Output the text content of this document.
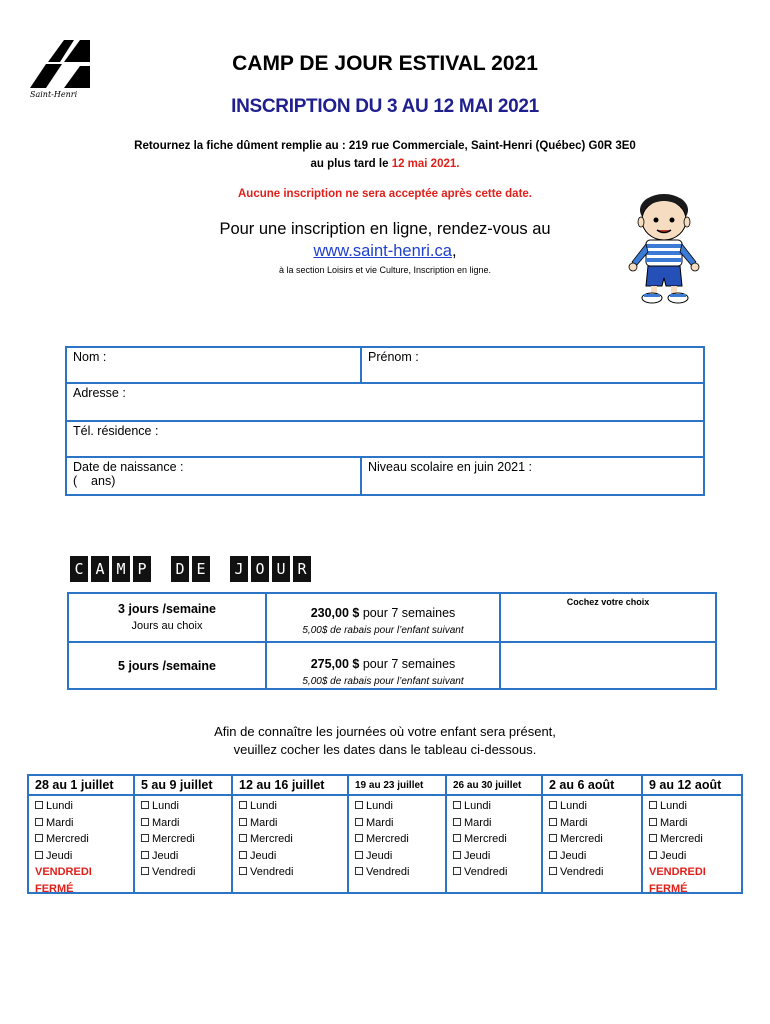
Saint-Henri
CAMP DE JOUR ESTIVAL 2021
INSCRIPTION DU 3 AU 12 MAI 2021
Retournez la fiche dûment remplie au : 219 rue Commerciale, Saint-Henri (Québec) G0R 3E0
au plus tard le 12 mai 2021.
Aucune inscription ne sera acceptée après cette date.
Pour une inscription en ligne, rendez-vous au
www.saint-henri.ca,
à la section Loisirs et vie Culture, Inscription en ligne.
Nom :	Prénom :
Adresse :
Tél. résidence :
Date de naissance :
(    ans)
Niveau scolaire en juin 2021 :
C A M P D E J O U R
3 jours /semaine
Jours au choix
230,00 $ pour 7 semaines
5,00$ de rabais pour l’enfant suivant
Cochez votre choix
5 jours /semaine	275,00 $ pour 7 semaines
5,00$ de rabais pour l’enfant suivant
Afin de connaître les journées où votre enfant sera présent,
veuillez cocher les dates dans le tableau ci-dessous.
28 au 1 juillet
Lundi
Mardi
Mercredi
Jeudi
VENDREDI
FERMÉ
5 au 9 juillet
Lundi
Mardi
Mercredi
Jeudi
Vendredi
12 au 16 juillet
Lundi
Mardi
Mercredi
Jeudi
Vendredi
19 au 23 juillet
Lundi
Mardi
Mercredi
Jeudi
Vendredi
26 au 30 juillet
Lundi
Mardi
Mercredi
Jeudi
Vendredi
2 au 6 août
Lundi
Mardi
Mercredi
Jeudi
Vendredi
9 au 12 août
Lundi
Mardi
Mercredi
Jeudi
VENDREDI
FERMÉ
